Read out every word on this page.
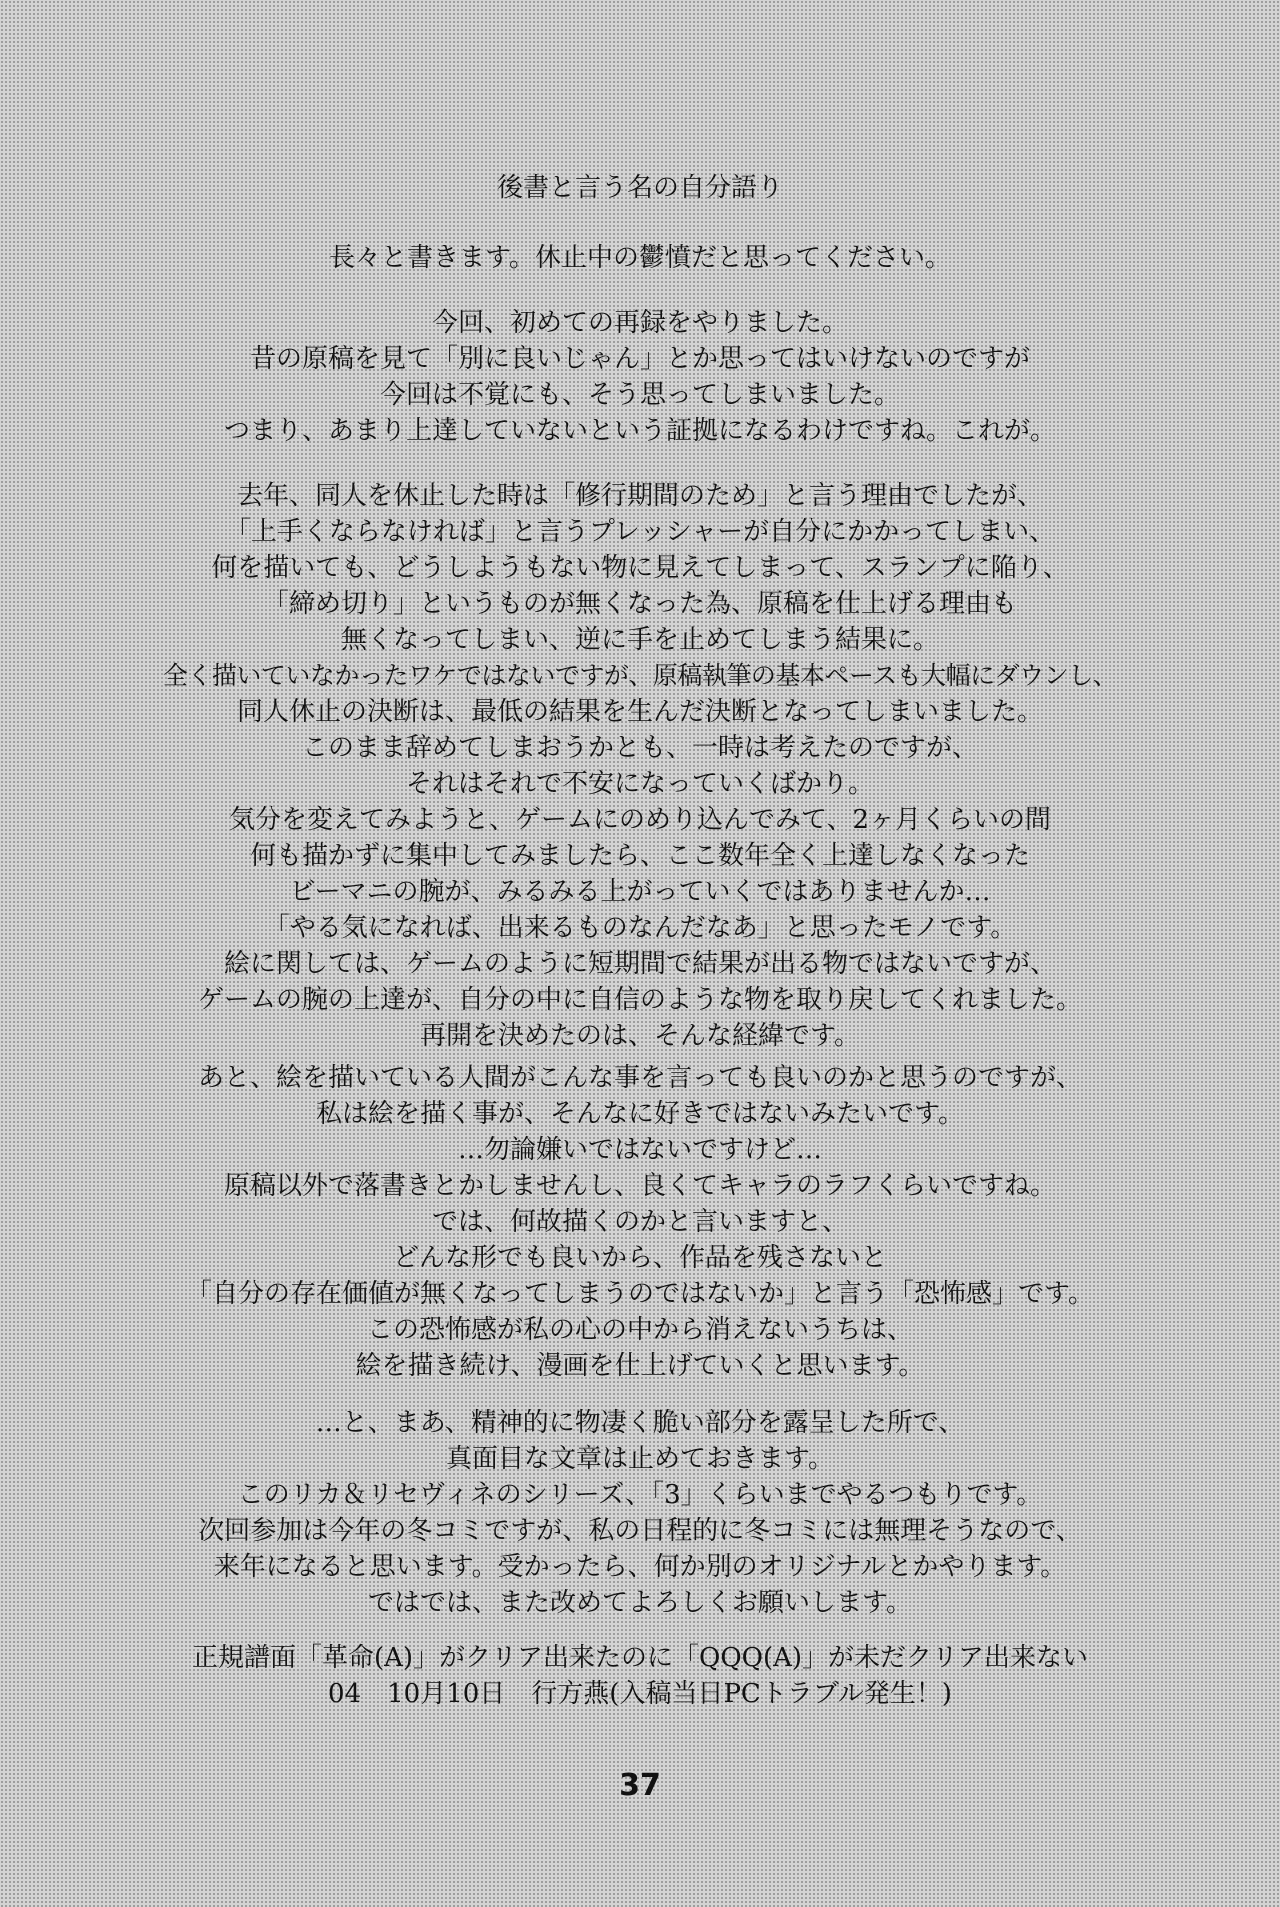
後書と言う名の自分語り
長々と書きます。休止中の鬱憤だと思ってください。
今回、初めての再録をやりました。
昔の原稿を見て「別に良いじゃん」とか思ってはいけないのですが
今回は不覚にも、そう思ってしまいました。
つまり、あまり上達していないという証拠になるわけですね。これが。
去年、同人を休止した時は「修行期間のため」と言う理由でしたが、
「上手くならなければ」と言うプレッシャーが自分にかかってしまい、
何を描いても、どうしようもない物に見えてしまって、スランプに陥り、
「締め切り」というものが無くなった為、原稿を仕上げる理由も
無くなってしまい、逆に手を止めてしまう結果に。
全く描いていなかったワケではないですが、原稿執筆の基本ペースも大幅にダウンし、
同人休止の決断は、最低の結果を生んだ決断となってしまいました。
このまま辞めてしまおうかとも、一時は考えたのですが、
それはそれで不安になっていくばかり。
気分を変えてみようと、ゲームにのめり込んでみて、2ヶ月くらいの間
何も描かずに集中してみましたら、ここ数年全く上達しなくなった
ビーマニの腕が、みるみる上がっていくではありませんか…
「やる気になれば、出来るものなんだなあ」と思ったモノです。
絵に関しては、ゲームのように短期間で結果が出る物ではないですが、
ゲームの腕の上達が、自分の中に自信のような物を取り戻してくれました。
再開を決めたのは、そんな経緯です。
あと、絵を描いている人間がこんな事を言っても良いのかと思うのですが、
私は絵を描く事が、そんなに好きではないみたいです。
…勿論嫌いではないですけど…
原稿以外で落書きとかしませんし、良くてキャラのラフくらいですね。
では、何故描くのかと言いますと、
どんな形でも良いから、作品を残さないと
「自分の存在価値が無くなってしまうのではないか」と言う「恐怖感」です。
この恐怖感が私の心の中から消えないうちは、
絵を描き続け、漫画を仕上げていくと思います。
…と、まあ、精神的に物凄く脆い部分を露呈した所で、
真面目な文章は止めておきます。
このリカ＆リセヴィネのシリーズ、「3」くらいまでやるつもりです。
次回参加は今年の冬コミですが、私の日程的に冬コミには無理そうなので、
来年になると思います。受かったら、何か別のオリジナルとかやります。
ではでは、また改めてよろしくお願いします。
正規譜面「革命(A)」がクリア出来たのに「QQQ(A)」が未だクリア出来ない
04　10月10日　行方燕(入稿当日PCトラブル発生！)
37
